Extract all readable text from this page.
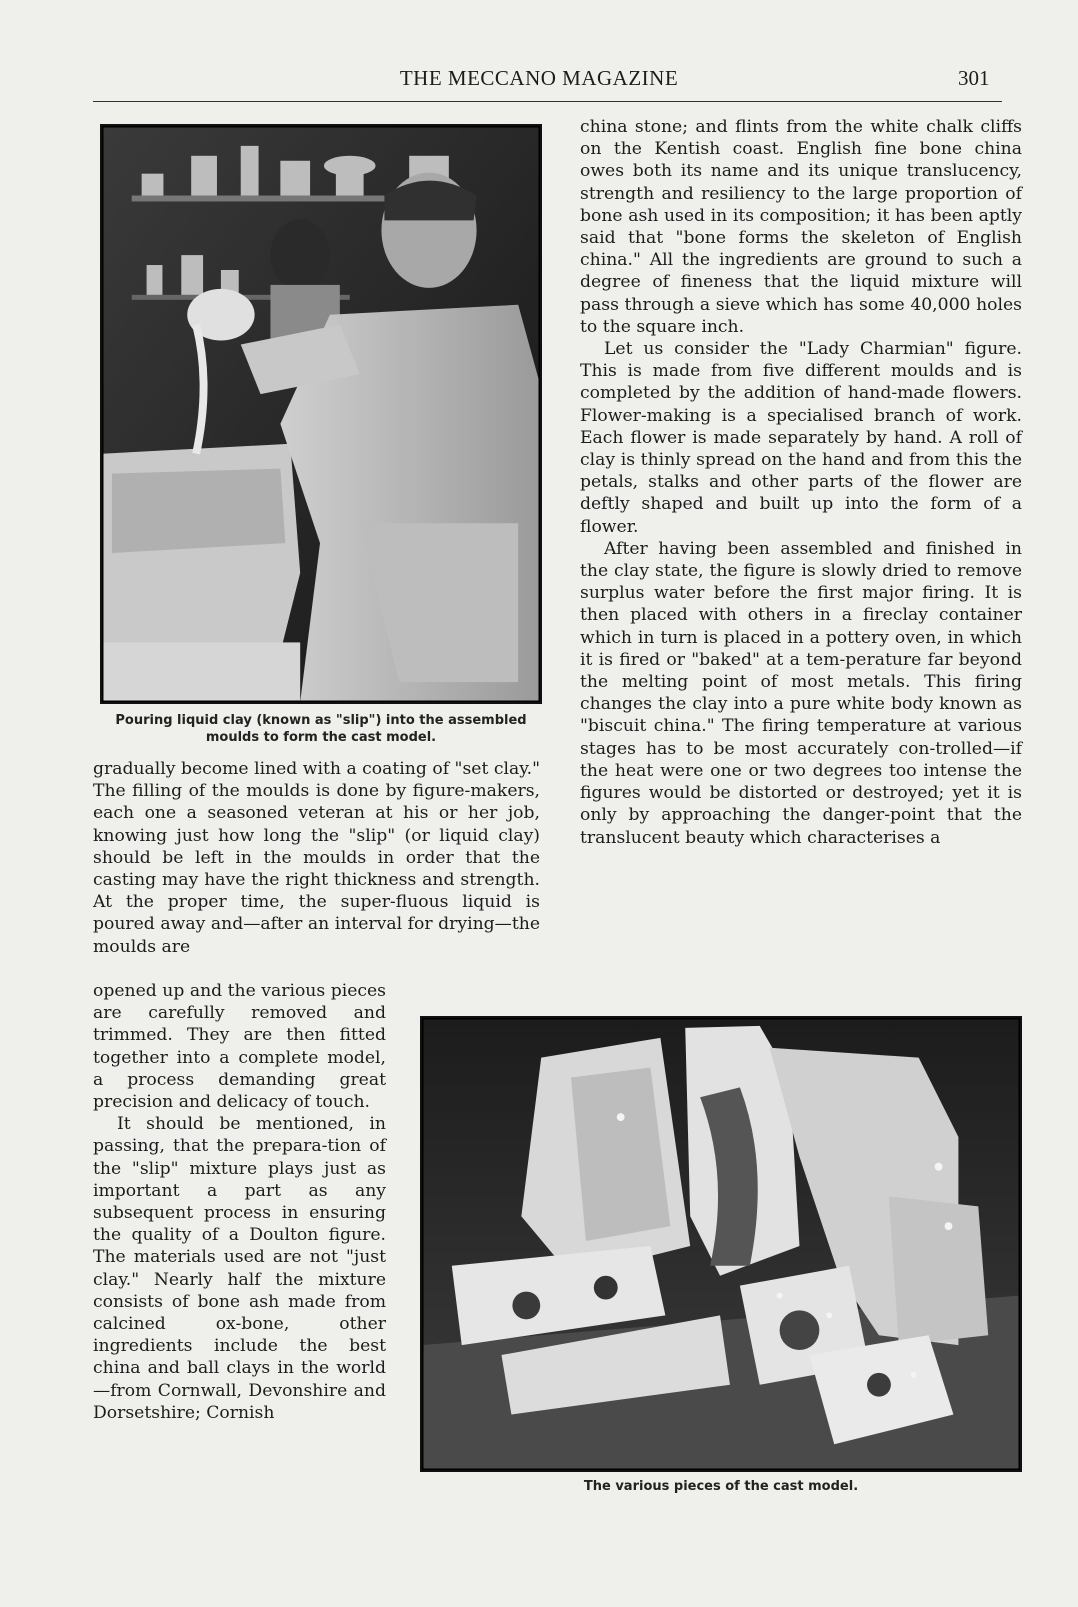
THE MECCANO MAGAZINE	301
Pouring liquid clay (known as "slip") into the assembled moulds to form the cast model.

gradually become lined with a coating of "set clay." The filling of the moulds is done by figure-makers, each one a seasoned veteran at his or her job, knowing just how long the "slip" (or liquid clay) should be left in the moulds in order that the casting may have the right thickness and strength. At the proper time, the super-fluous liquid is poured away and—after an interval for drying—the moulds are

opened up and the various pieces are carefully removed and trimmed. They are then fitted together into a complete model, a process demanding great precision and delicacy of touch.

It should be mentioned, in passing, that the prepara-tion of the "slip" mixture plays just as important a part as any subsequent process in ensuring the quality of a Doulton figure. The materials used are not "just clay." Nearly half the mixture consists of bone ash made from calcined ox-bone, other ingredients include the best china and ball clays in the world—from Cornwall, Devonshire and Dorsetshire; Cornish

china stone; and flints from the white chalk cliffs on the Kentish coast. English fine bone china owes both its name and its unique translucency, strength and resiliency to the large proportion of bone ash used in its composition; it has been aptly said that "bone forms the skeleton of English china." All the ingredients are ground to such a degree of fineness that the liquid mixture will pass through a sieve which has some 40,000 holes to the square inch.

Let us consider the "Lady Charmian" figure. This is made from five different moulds and is completed by the addition of hand-made flowers. Flower-making is a specialised branch of work. Each flower is made separately by hand. A roll of clay is thinly spread on the hand and from this the petals, stalks and other parts of the flower are deftly shaped and built up into the form of a flower.

After having been assembled and finished in the clay state, the figure is slowly dried to remove surplus water before the first major firing. It is then placed with others in a fireclay container which in turn is placed in a pottery oven, in which it is fired or "baked" at a tem-perature far beyond the melting point of most metals. This firing changes the clay into a pure white body known as "biscuit china." The firing temperature at various stages has to be most accurately con-trolled—if the heat were one or two degrees too intense the figures would be distorted or destroyed; yet it is only by approaching the danger-point that the translucent beauty which characterises a

The various pieces of the cast model.
